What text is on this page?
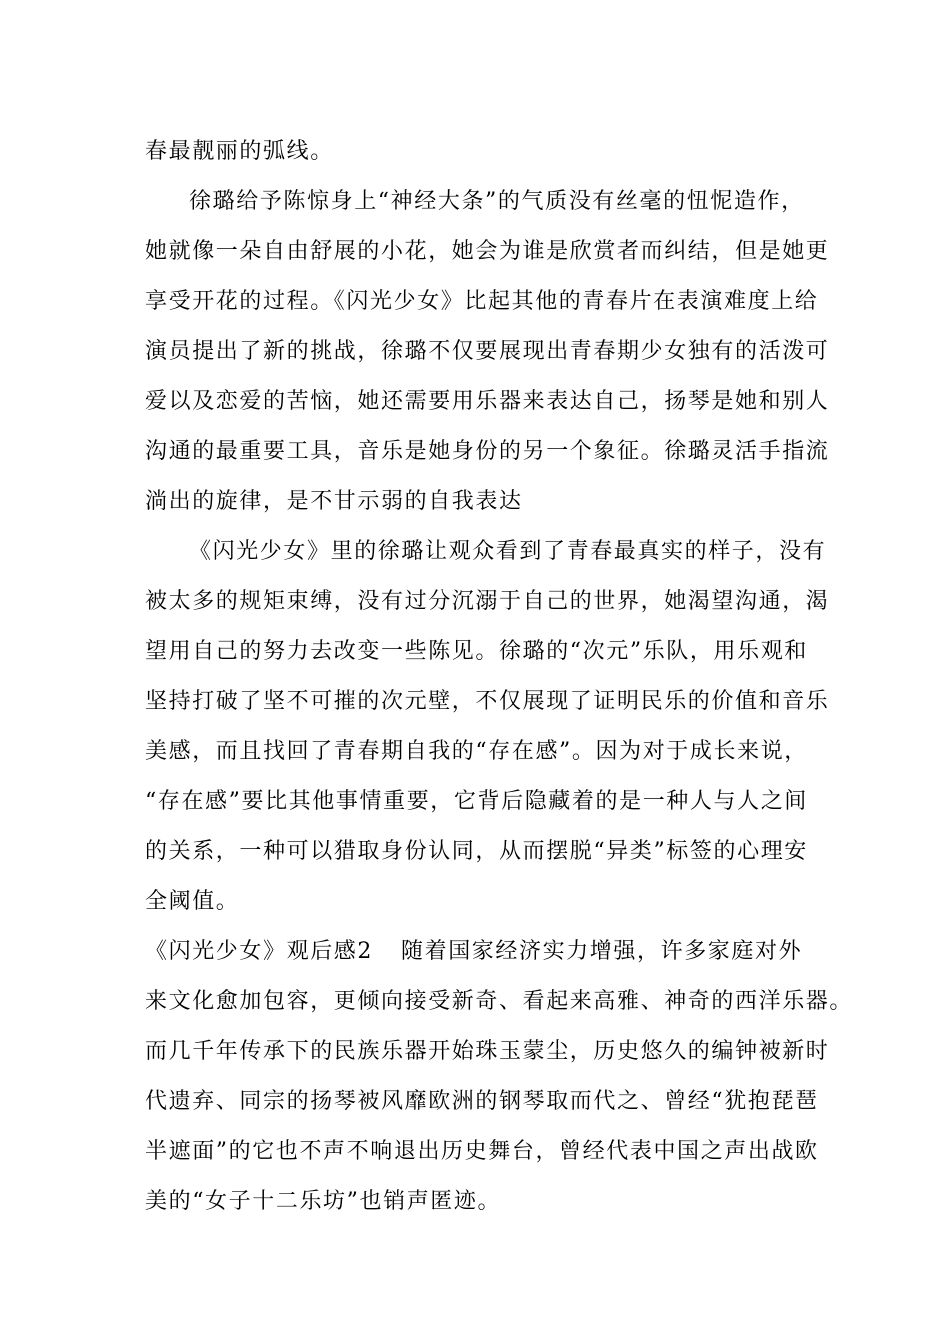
春最靓丽的弧线。
徐璐给予陈惊身上“神经大条”的气质没有丝毫的忸怩造作，
她就像一朵自由舒展的小花，她会为谁是欣赏者而纠结，但是她更
享受开花的过程。《闪光少女》比起其他的青春片在表演难度上给
演员提出了新的挑战，徐璐不仅要展现出青春期少女独有的活泼可
爱以及恋爱的苦恼，她还需要用乐器来表达自己，扬琴是她和别人
沟通的最重要工具，音乐是她身份的另一个象征。徐璐灵活手指流
淌出的旋律，是不甘示弱的自我表达
《闪光少女》里的徐璐让观众看到了青春最真实的样子，没有
被太多的规矩束缚，没有过分沉溺于自己的世界，她渴望沟通，渴
望用自己的努力去改变一些陈见。徐璐的“次元”乐队，用乐观和
坚持打破了坚不可摧的次元壁，不仅展现了证明民乐的价值和音乐
美感，而且找回了青春期自我的“存在感”。因为对于成长来说，
“存在感”要比其他事情重要，它背后隐藏着的是一种人与人之间
的关系，一种可以猎取身份认同，从而摆脱“异类”标签的心理安
全阈值。
《闪光少女》观后感2 随着国家经济实力增强，许多家庭对外
来文化愈加包容，更倾向接受新奇、看起来高雅、神奇的西洋乐器。
而几千年传承下的民族乐器开始珠玉蒙尘，历史悠久的编钟被新时
代遗弃、同宗的扬琴被风靡欧洲的钢琴取而代之、曾经“犹抱琵琶
半遮面”的它也不声不响退出历史舞台，曾经代表中国之声出战欧
美的“女子十二乐坊”也销声匿迹。
